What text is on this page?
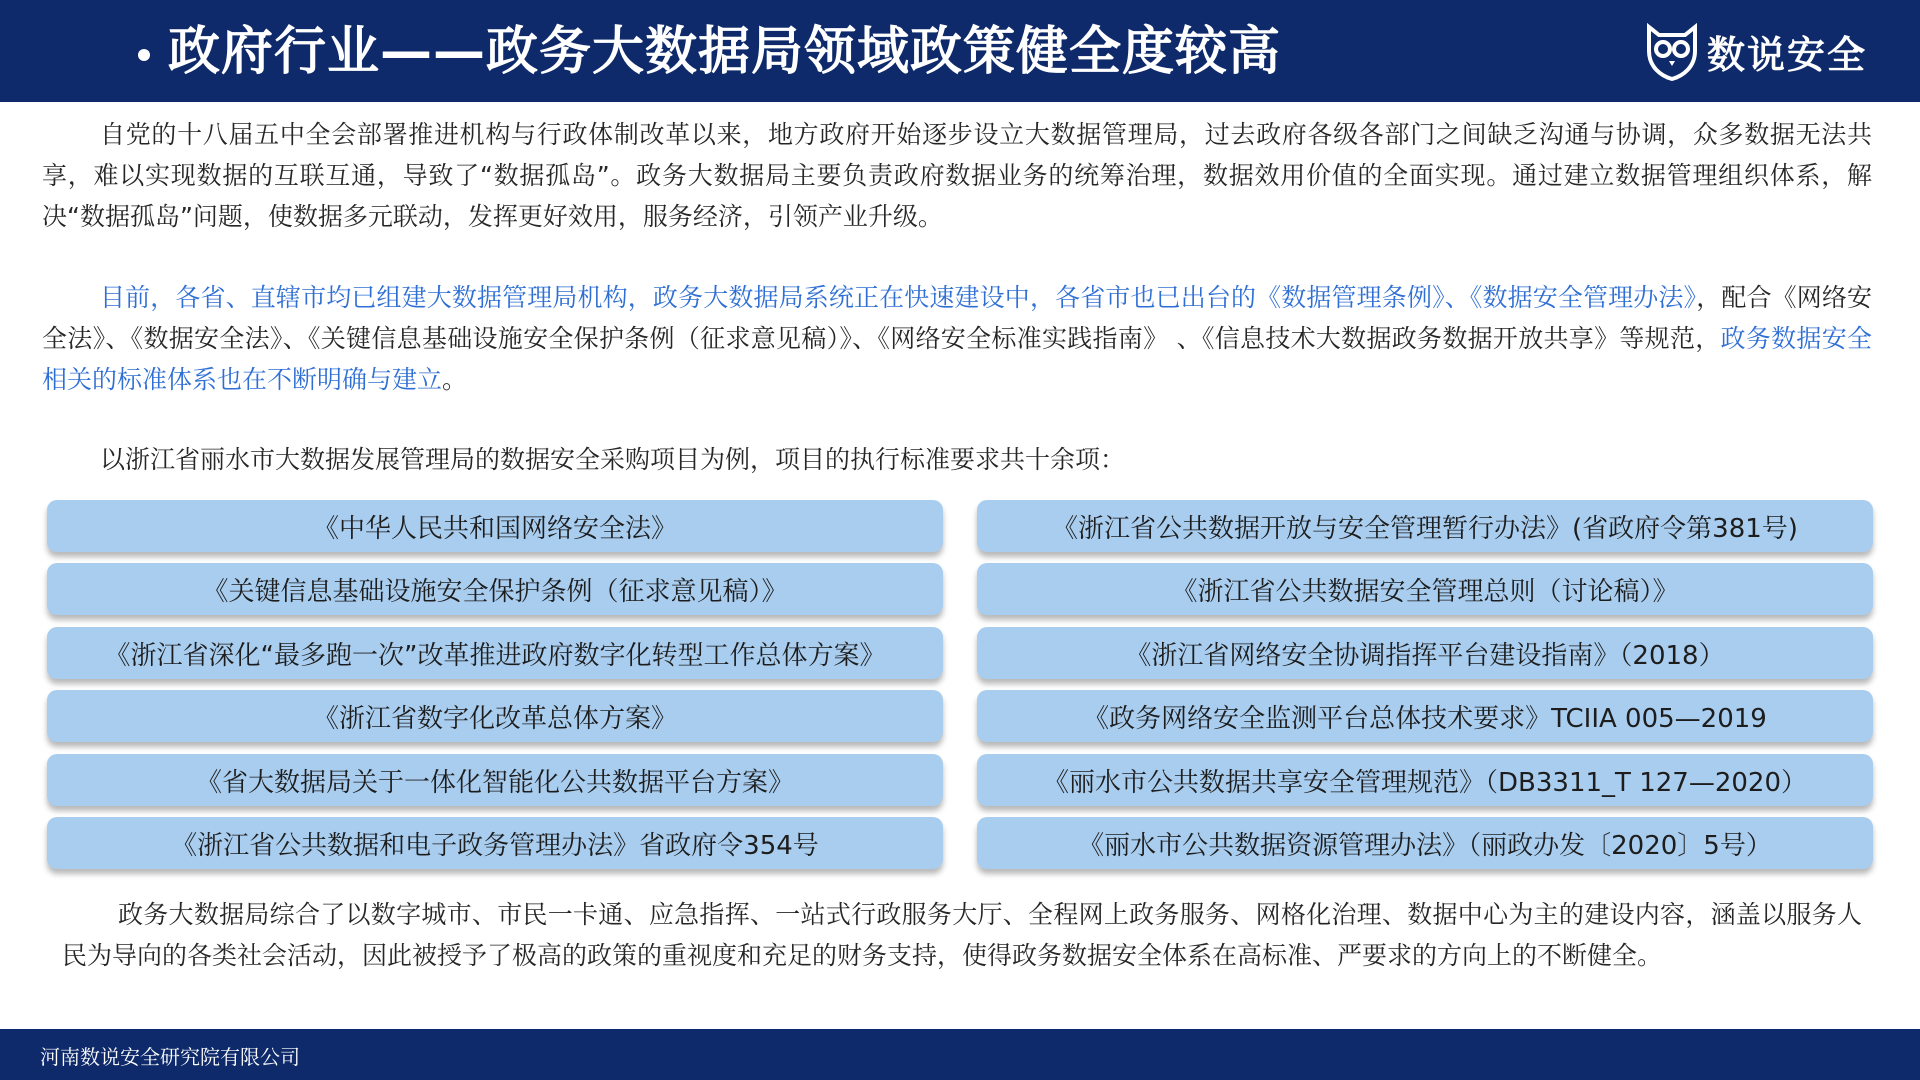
政府行业——政务大数据局领域政策健全度较高	数说安全
自党的十八届五中全会部署推进机构与行政体制改革以来，地方政府开始逐步设立大数据管理局，过去政府各级各部门之间缺乏沟通与协调，众多数据无法共享，难以实现数据的互联互通，导致了“数据孤岛”。政务大数据局主要负责政府数据业务的统筹治理，数据效用价值的全面实现。通过建立数据管理组织体系，解决“数据孤岛”问题，使数据多元联动，发挥更好效用，服务经济，引领产业升级。
目前，各省、直辖市均已组建大数据管理局机构，政务大数据局系统正在快速建设中，各省市也已出台的《数据管理条例》、《数据安全管理办法》，配合《网络安全法》、《数据安全法》、《关键信息基础设施安全保护条例（征求意见稿）》、《网络安全标准实践指南》 、《信息技术大数据政务数据开放共享》等规范，政务数据安全相关的标准体系也在不断明确与建立。
以浙江省丽水市大数据发展管理局的数据安全采购项目为例，项目的执行标准要求共十余项：
《中华人民共和国网络安全法》
《关键信息基础设施安全保护条例（征求意见稿）》
《浙江省深化“最多跑一次”改革推进政府数字化转型工作总体方案》
《浙江省数字化改革总体方案》
《省大数据局关于一体化智能化公共数据平台方案》
《浙江省公共数据和电子政务管理办法》省政府令354号
《浙江省公共数据开放与安全管理暂行办法》(省政府令第381号)
《浙江省公共数据安全管理总则（讨论稿）》
《浙江省网络安全协调指挥平台建设指南》（2018）
《政务网络安全监测平台总体技术要求》TCIIA 005—2019
《丽水市公共数据共享安全管理规范》（DB3311_T 127—2020）
《丽水市公共数据资源管理办法》（丽政办发〔2020〕5号）
政务大数据局综合了以数字城市、市民一卡通、应急指挥、一站式行政服务大厅、全程网上政务服务、网格化治理、数据中心为主的建设内容，涵盖以服务人民为导向的各类社会活动，因此被授予了极高的政策的重视度和充足的财务支持，使得政务数据安全体系在高标准、严要求的方向上的不断健全。
河南数说安全研究院有限公司
